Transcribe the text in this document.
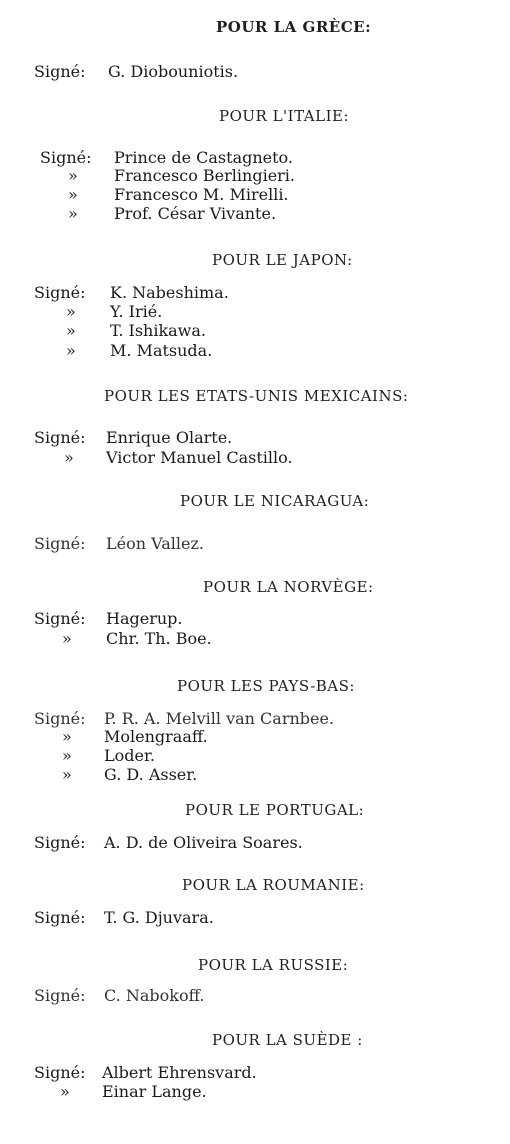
POUR LA GRÈCE:
Signé: G. Diobouniotis.
POUR L'ITALIE:
Signé: Prince de Castagneto.
» Francesco Berlingieri.
» Francesco M. Mirelli.
» Prof. César Vivante.
POUR LE JAPON:
Signé: K. Nabeshima.
» Y. Irié.
» T. Ishikawa.
» M. Matsuda.
POUR LES ETATS-UNIS MEXICAINS:
Signé: Enrique Olarte.
» Victor Manuel Castillo.
POUR LE NICARAGUA:
Signé: Léon Vallez.
POUR LA NORVÈGE:
Signé: Hagerup.
» Chr. Th. Boe.
POUR LES PAYS-BAS:
Signé: P. R. A. Melvill van Carnbee.
» Molengraaff.
» Loder.
» G. D. Asser.
POUR LE PORTUGAL:
Signé: A. D. de Oliveira Soares.
POUR LA ROUMANIE:
Signé: T. G. Djuvara.
POUR LA RUSSIE:
Signé: C. Nabokoff.
POUR LA SUÈDE :
Signé: Albert Ehrensvard.
» Einar Lange.
